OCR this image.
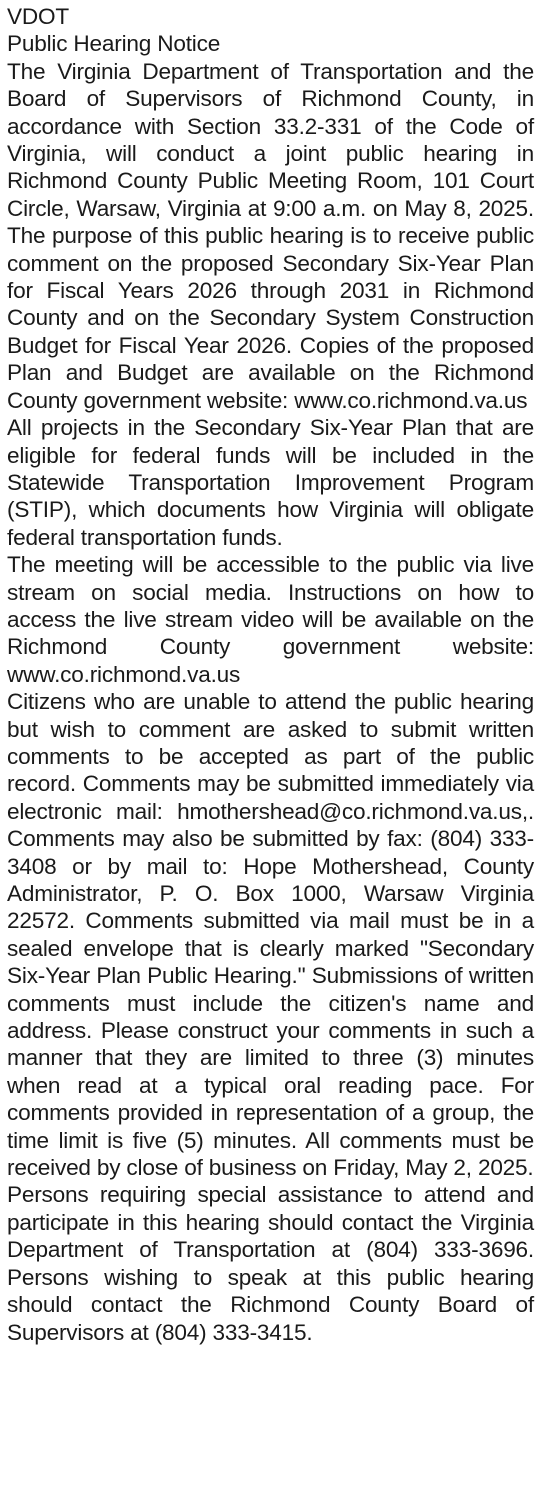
VDOT
Public Hearing Notice

The Virginia Department of Transportation and the Board of Supervisors of Richmond County, in accordance with Section 33.2-331 of the Code of Virginia, will conduct a joint public hearing in Richmond County Public Meeting Room, 101 Court Circle, Warsaw, Virginia at 9:00 a.m. on May 8, 2025. The purpose of this public hearing is to receive public comment on the proposed Secondary Six-Year Plan for Fiscal Years 2026 through 2031 in Richmond County and on the Secondary System Construction Budget for Fiscal Year 2026. Copies of the proposed Plan and Budget are available on the Richmond County government website: www.co.richmond.va.us

All projects in the Secondary Six-Year Plan that are eligible for federal funds will be included in the Statewide Transportation Improvement Program (STIP), which documents how Virginia will obligate federal transportation funds.

The meeting will be accessible to the public via live stream on social media. Instructions on how to access the live stream video will be available on the Richmond County government website: www.co.richmond.va.us

Citizens who are unable to attend the public hearing but wish to comment are asked to submit written comments to be accepted as part of the public record. Comments may be submitted immediately via electronic mail: hmothershead@co.richmond.va.us,. Comments may also be submitted by fax: (804) 333-3408 or by mail to: Hope Mothershead, County Administrator, P. O. Box 1000, Warsaw Virginia 22572. Comments submitted via mail must be in a sealed envelope that is clearly marked "Secondary Six-Year Plan Public Hearing." Submissions of written comments must include the citizen's name and address. Please construct your comments in such a manner that they are limited to three (3) minutes when read at a typical oral reading pace. For comments provided in representation of a group, the time limit is five (5) minutes. All comments must be received by close of business on Friday, May 2, 2025.

Persons requiring special assistance to attend and participate in this hearing should contact the Virginia Department of Transportation at (804) 333-3696. Persons wishing to speak at this public hearing should contact the Richmond County Board of Supervisors at (804) 333-3415.
